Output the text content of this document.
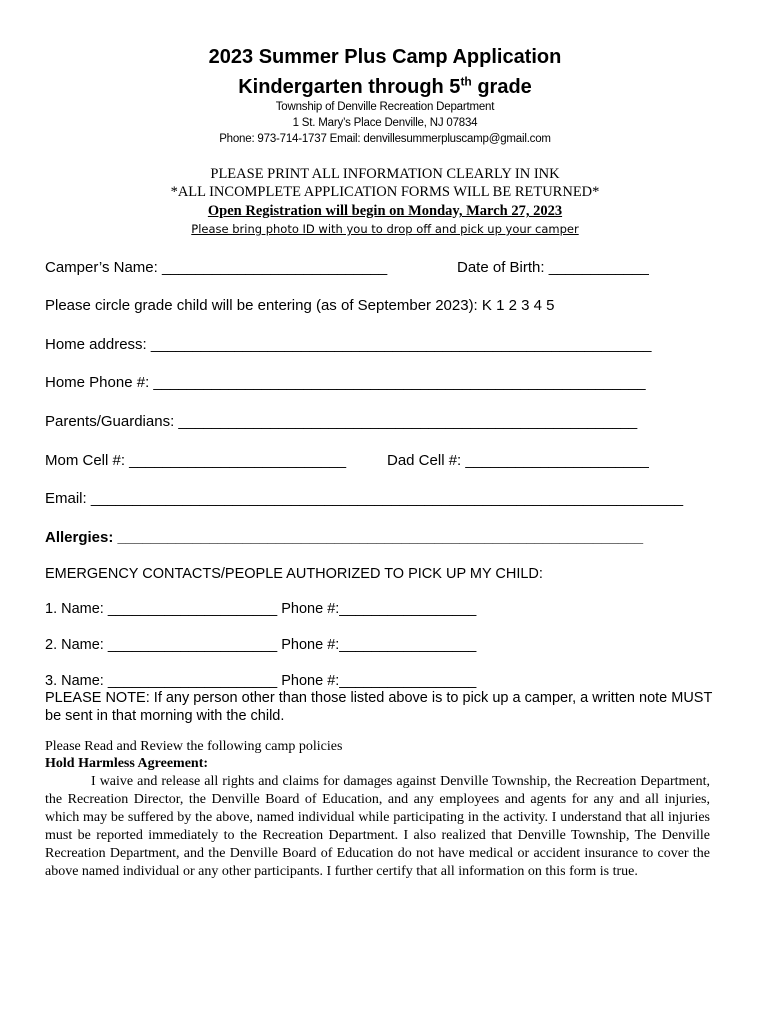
2023 Summer Plus Camp Application
Kindergarten through 5th grade
Township of Denville Recreation Department
1 St. Mary’s Place Denville, NJ 07834
Phone: 973-714-1737 Email: denvillesummerpluscamp@gmail.com
PLEASE PRINT ALL INFORMATION CLEARLY IN INK
*ALL INCOMPLETE APPLICATION FORMS WILL BE RETURNED*
Open Registration will begin on Monday, March 27, 2023
Please bring photo ID with you to drop off and pick up your camper
Camper’s Name: ___________________________	Date of Birth: ____________
Please circle grade child will be entering (as of September 2023): K 1 2 3 4 5
Home address: ____________________________________________________________
Home Phone #: ___________________________________________________________
Parents/Guardians: _______________________________________________________
Mom Cell #: __________________________	Dad Cell #: ______________________
Email: _______________________________________________________________________
Allergies: _______________________________________________________________
EMERGENCY CONTACTS/PEOPLE AUTHORIZED TO PICK UP MY CHILD:
1. Name: _____________________ Phone #:_________________
2. Name: _____________________ Phone #:_________________
3. Name: _____________________ Phone #:_________________
PLEASE NOTE: If any person other than those listed above is to pick up a camper, a written note MUST be sent in that morning with the child.
Please Read and Review the following camp policies
Hold Harmless Agreement:
I waive and release all rights and claims for damages against Denville Township, the Recreation Department, the Recreation Director, the Denville Board of Education, and any employees and agents for any and all injuries, which may be suffered by the above, named individual while participating in the activity. I understand that all injuries must be reported immediately to the Recreation Department. I also realized that Denville Township, The Denville Recreation Department, and the Denville Board of Education do not have medical or accident insurance to cover the above named individual or any other participants. I further certify that all information on this form is true.
